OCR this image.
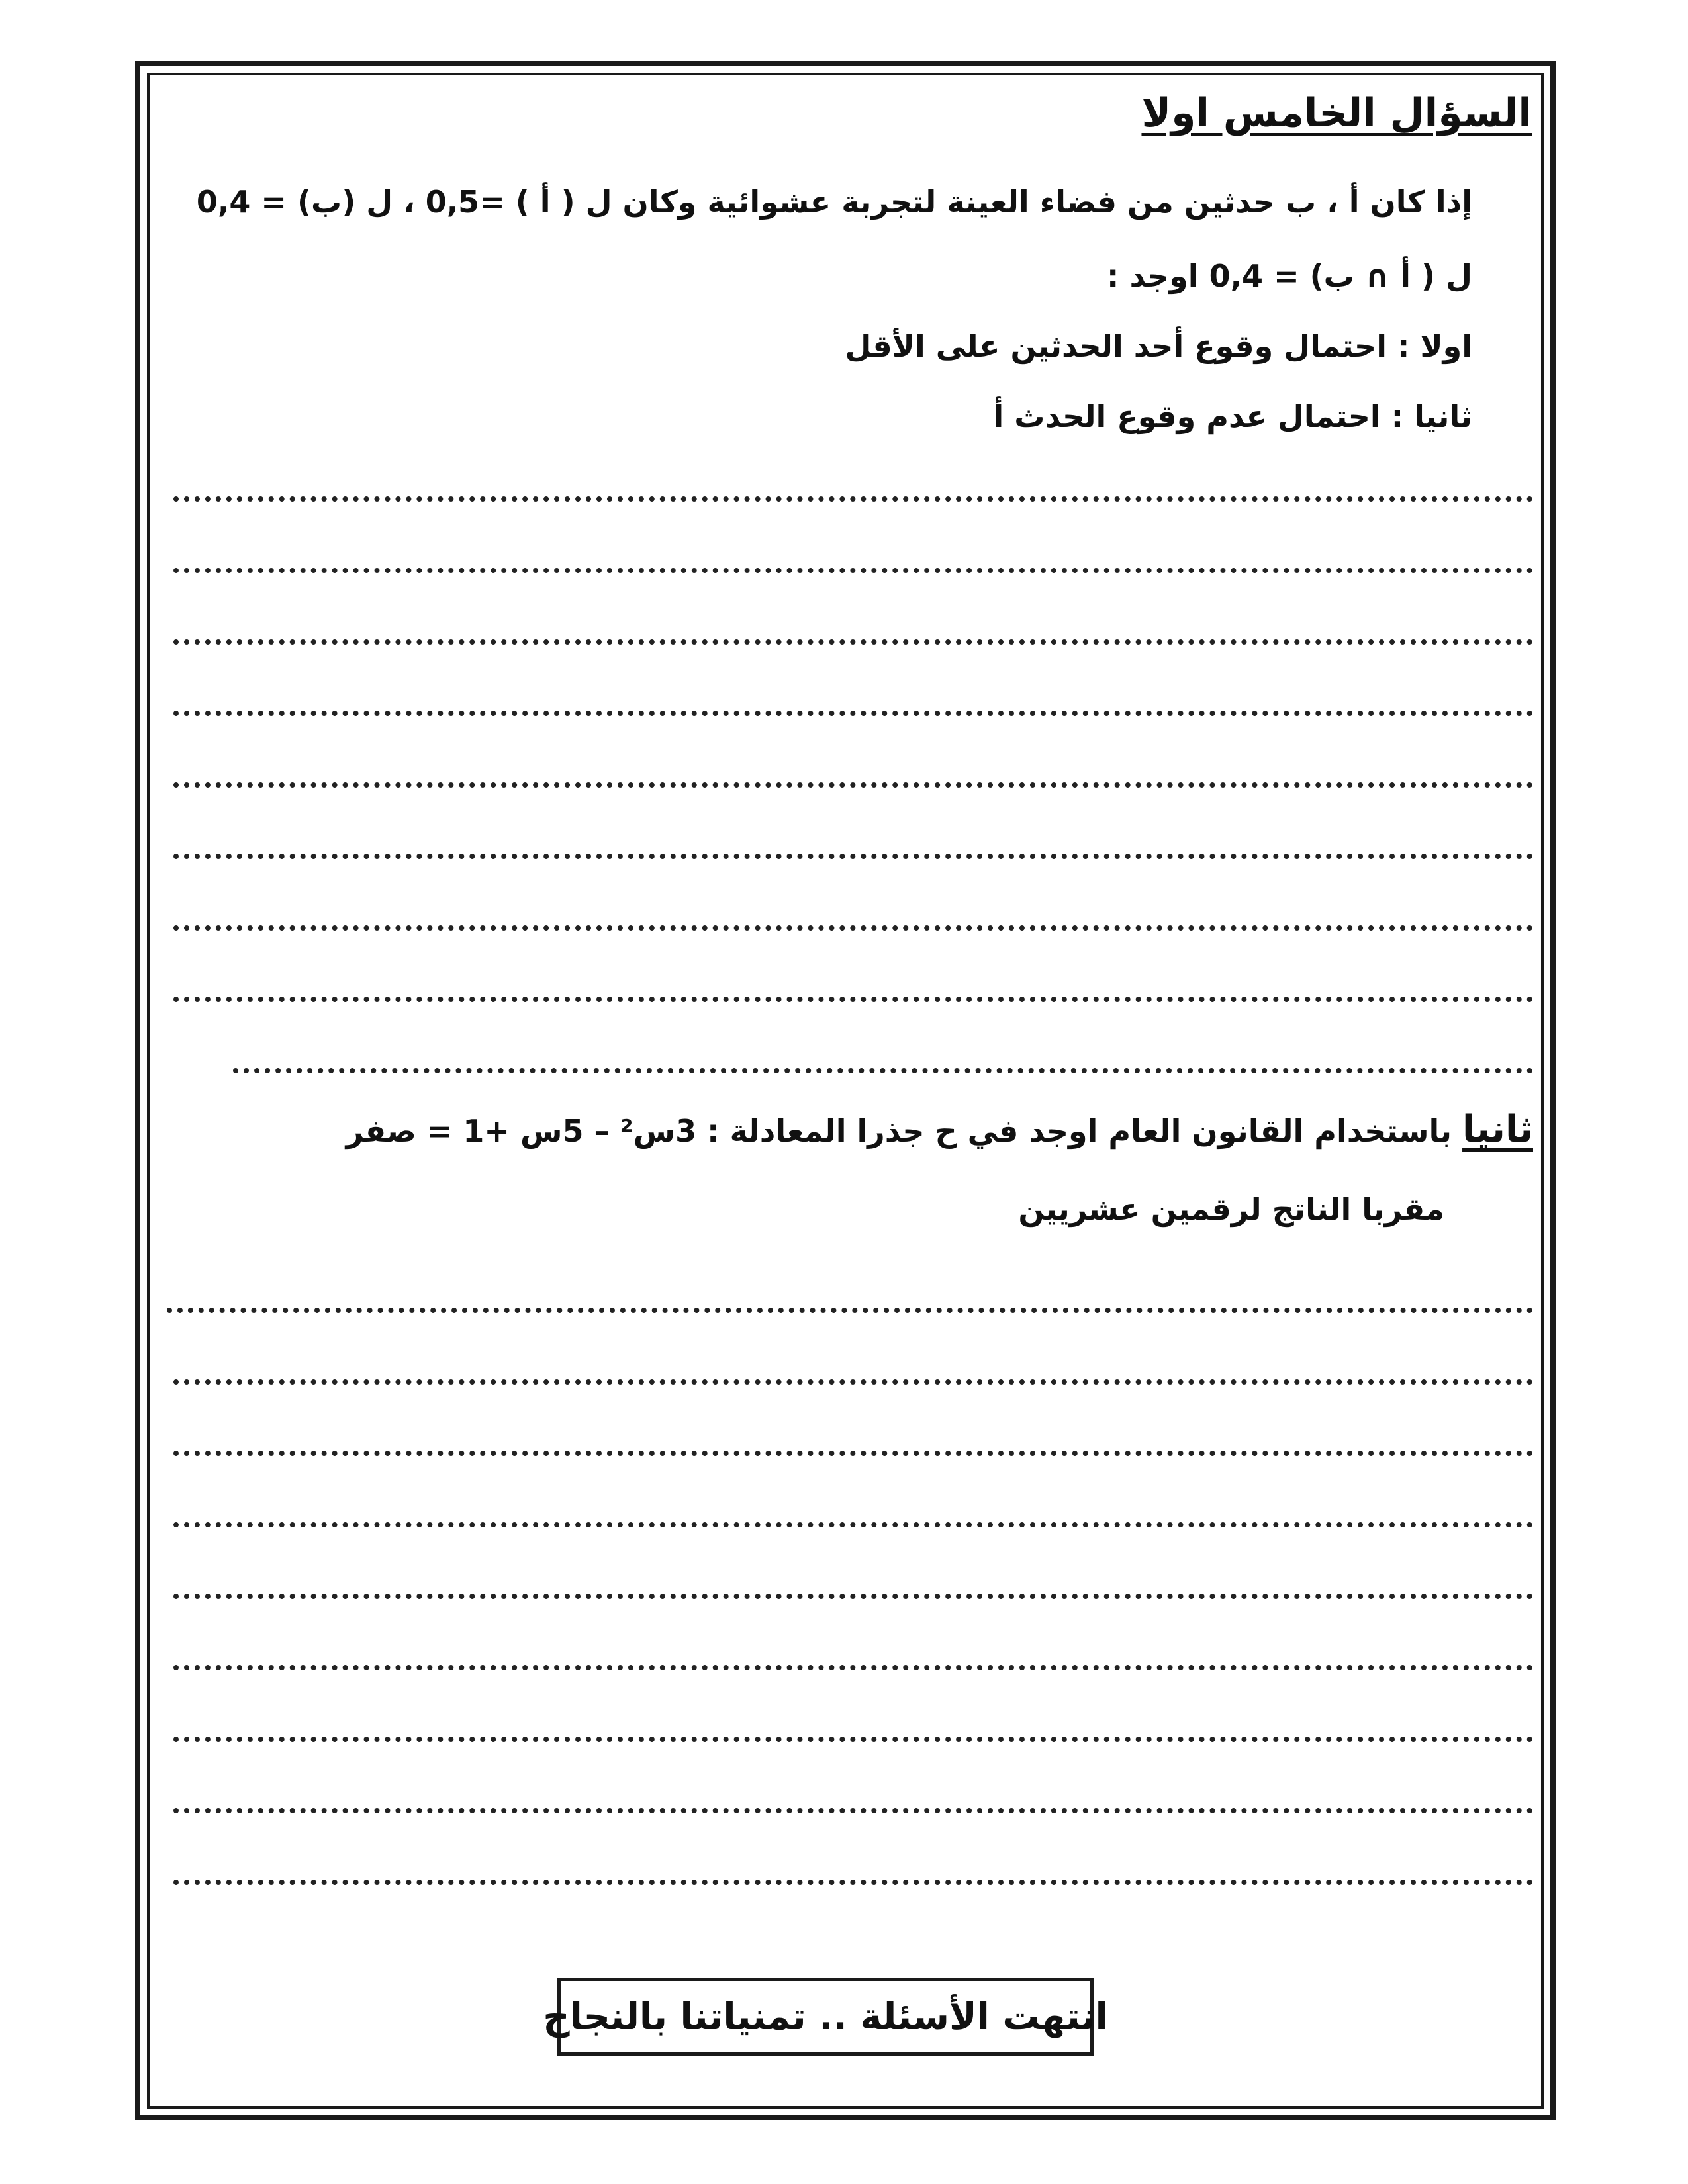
السؤال الخامس اولا
إذا كان أ ، ب حدثين من فضاء العينة لتجربة عشوائية وكان ل ( أ ) =0,5 ، ل (ب) = 0,4
ل ( أ ∩ ب) = 0,4 اوجد :
اولا : احتمال وقوع أحد الحدثين على الأقل
ثانيا : احتمال عدم وقوع الحدث أ
ثانيا باستخدام القانون العام اوجد في ح جذرا المعادلة : 3س² – 5س +1 = صفر
مقربا الناتج لرقمين عشريين
انتهت الأسئلة .. تمنياتنا بالنجاح
